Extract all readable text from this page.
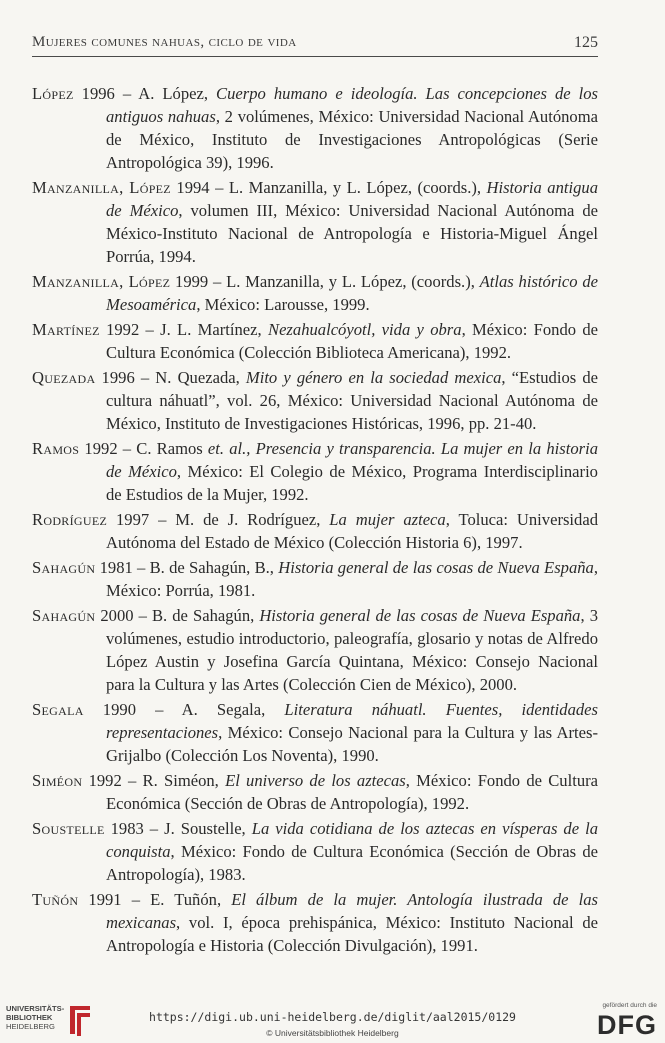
Mujeres comunes nahuas, ciclo de vida	125

López 1996 – A. López, Cuerpo humano e ideología. Las concepciones de los antiguos nahuas, 2 volúmenes, México: Universidad Nacional Autónoma de México, Instituto de Investigaciones Antropológicas (Serie Antropológica 39), 1996.

Manzanilla, López 1994 – L. Manzanilla, y L. López, (coords.), Historia antigua de México, volumen III, México: Universidad Nacional Autónoma de México-Instituto Nacional de Antropología e Historia-Miguel Ángel Porrúa, 1994.

Manzanilla, López 1999 – L. Manzanilla, y L. López, (coords.), Atlas histórico de Mesoamérica, México: Larousse, 1999.

Martínez 1992 – J. L. Martínez, Nezahualcóyotl, vida y obra, México: Fondo de Cultura Económica (Colección Biblioteca Americana), 1992.

Quezada 1996 – N. Quezada, Mito y género en la sociedad mexica, “Estudios de cultura náhuatl”, vol. 26, México: Universidad Nacional Autónoma de México, Instituto de Investigaciones Históricas, 1996, pp. 21-40.

Ramos 1992 – C. Ramos et. al., Presencia y transparencia. La mujer en la historia de México, México: El Colegio de México, Programa Interdisciplinario de Estudios de la Mujer, 1992.

Rodríguez 1997 – M. de J. Rodríguez, La mujer azteca, Toluca: Universidad Autónoma del Estado de México (Colección Historia 6), 1997.

Sahagún 1981 – B. de Sahagún, B., Historia general de las cosas de Nueva España, México: Porrúa, 1981.

Sahagún 2000 – B. de Sahagún, Historia general de las cosas de Nueva España, 3 volúmenes, estudio introductorio, paleografía, glosario y notas de Alfredo López Austin y Josefina García Quintana, México: Consejo Nacional para la Cultura y las Artes (Colección Cien de México), 2000.

Segala 1990 – A. Segala, Literatura náhuatl. Fuentes, identidades representaciones, México: Consejo Nacional para la Cultura y las Artes-Grijalbo (Colección Los Noventa), 1990.

Siméon 1992 – R. Siméon, El universo de los aztecas, México: Fondo de Cultura Económica (Sección de Obras de Antropología), 1992.

Soustelle 1983 – J. Soustelle, La vida cotidiana de los aztecas en vísperas de la conquista, México: Fondo de Cultura Económica (Sección de Obras de Antropología), 1983.

Tuñón 1991 – E. Tuñón, El álbum de la mujer. Antología ilustrada de las mexicanas, vol. I, época prehispánica, México: Instituto Nacional de Antropología e Historia (Colección Divulgación), 1991.

UNIVERSITÄTS-
BIBLIOTHEK
HEIDELBERG
https://digi.ub.uni-heidelberg.de/diglit/aal2015/0129
© Universitätsbibliothek Heidelberg
gefördert durch die
DFG
